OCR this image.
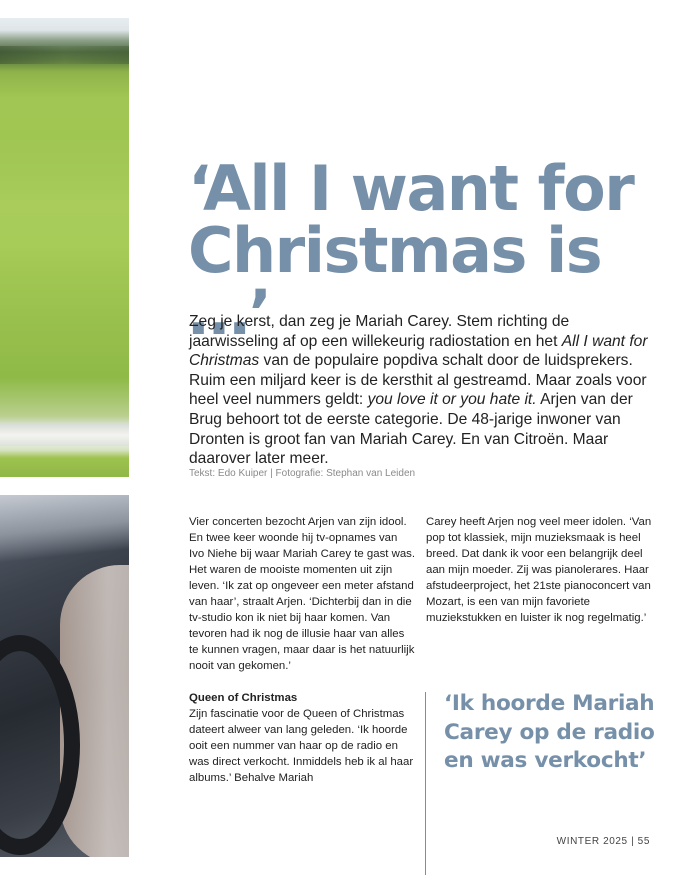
‘All I want for
Christmas is …’

Zeg je kerst, dan zeg je Mariah Carey. Stem richting de jaarwisseling af op een willekeurig radiostation en het All I want for Christmas van de populaire popdiva schalt door de luidsprekers. Ruim een miljard keer is de kersthit al gestreamd. Maar zoals voor heel veel nummers geldt: you love it or you hate it. Arjen van der Brug behoort tot de eerste categorie. De 48-jarige inwoner van Dronten is groot fan van Mariah Carey. En van Citroën. Maar daarover later meer.

Tekst: Edo Kuiper | Fotografie: Stephan van Leiden

Vier concerten bezocht Arjen van zijn idool. En twee keer woonde hij tv-opnames van Ivo Niehe bij waar Mariah Carey te gast was. Het waren de mooiste momenten uit zijn leven. ‘Ik zat op ongeveer een meter afstand van haar’, straalt Arjen. ‘Dichterbij dan in die tv-studio kon ik niet bij haar komen. Van tevoren had ik nog de illusie haar van alles te kunnen vragen, maar daar is het natuurlijk nooit van gekomen.’

Queen of Christmas
Zijn fascinatie voor de Queen of Christmas dateert alweer van lang geleden. ‘Ik hoorde ooit een nummer van haar op de radio en was direct verkocht. Inmiddels heb ik al haar albums.’ Behalve Mariah

Carey heeft Arjen nog veel meer idolen. ‘Van pop tot klassiek, mijn muzieksmaak is heel breed. Dat dank ik voor een belangrijk deel aan mijn moeder. Zij was pianolerares. Haar afstudeerproject, het 21ste pianoconcert van Mozart, is een van mijn favoriete muziekstukken en luister ik nog regelmatig.’

‘Ik hoorde Mariah Carey op de radio en was verkocht’
WINTER 2025 | 55
